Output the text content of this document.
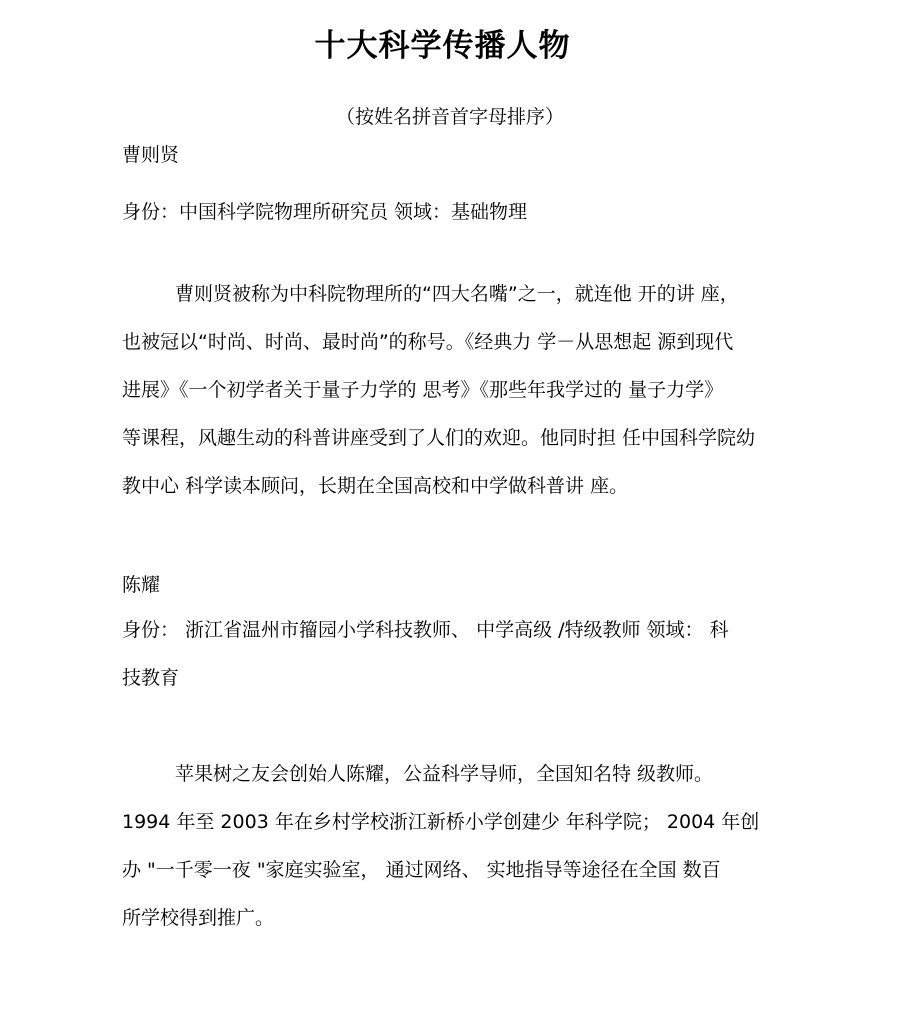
十大科学传播人物

（按姓名拼音首字母排序）

曹则贤

身份：中国科学院物理所研究员 领域：基础物理
曹则贤被称为中科院物理所的“四大名嘴”之一，就连他 开的讲 座，
也被冠以“时尚、时尚、最时尚”的称号。《经典力 学－从思想起 源到现代
进展》《一个初学者关于量子力学的 思考》《那些年我学过的 量子力学》
等课程，风趣生动的科普讲座受到了人们的欢迎。他同时担 任中国科学院幼
教中心 科学读本顾问，长期在全国高校和中学做科普讲 座。

陈耀

身份： 浙江省温州市籀园小学科技教师、 中学高级 /特级教师 领域： 科
技教育
苹果树之友会创始人陈耀，公益科学导师，全国知名特 级教师。
1994 年至 2003 年在乡村学校浙江新桥小学创建少 年科学院； 2004 年创
办 "一千零一夜 "家庭实验室， 通过网络、 实地指导等途径在全国 数百
所学校得到推广。
